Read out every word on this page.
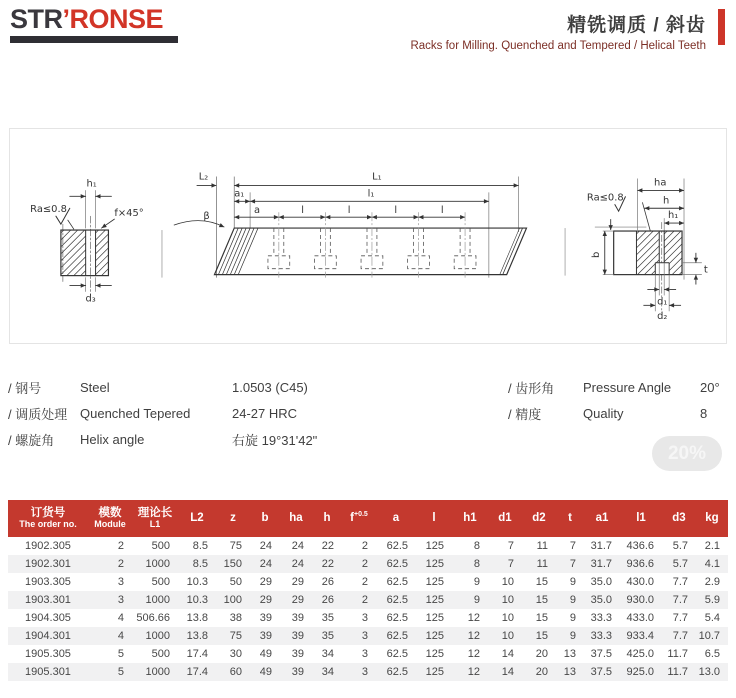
STR’RONSE	精铣调质 / 斜齿
Racks for Milling. Quenched and Tempered / Helical Teeth
h₁
Ra≤0.8	f×45°
d₃
L₂	L₁
a₁	l₁
a	l	l	l	l
β
ha
h
h₁
Ra≤0.8
b
t
d₁
d₂
/ 钢号	Steel	1.0503 (C45)
/ 调质处理 Quenched Tepered	24-27 HRC
/ 螺旋角	Helix angle	右旋 19°31'42"
/ 齿形角	Pressure Angle	20°
/ 精度	Quality	8
20%
订货号
The order no.

模数
Module

理论长
L1
	L2	z	b	ha	h	$f^{+0.5}$	a	l	h1	d1	d2	t	a1	l1	d3	kg
1902.305	2	500	8.5	75	24	24	22	2	62.5	125	8	7	11	7	31.7	436.6	5.7	2.1
1902.301	2	1000	8.5	150	24	24	22	2	62.5	125	8	7	11	7	31.7	936.6	5.7	4.1
1903.305	3	500	10.3	50	29	29	26	2	62.5	125	9	10	15	9	35.0	430.0	7.7	2.9
1903.301	3	1000	10.3	100	29	29	26	2	62.5	125	9	10	15	9	35.0	930.0	7.7	5.9
1904.305	4	506.66	13.8	38	39	39	35	3	62.5	125	12	10	15	9	33.3	433.0	7.7	5.4
1904.301	4	1000	13.8	75	39	39	35	3	62.5	125	12	10	15	9	33.3	933.4	7.7	10.7
1905.305	5	500	17.4	30	49	39	34	3	62.5	125	12	14	20	13	37.5	425.0	11.7	6.5
1905.301	5	1000	17.4	60	49	39	34	3	62.5	125	12	14	20	13	37.5	925.0	11.7	13.0
